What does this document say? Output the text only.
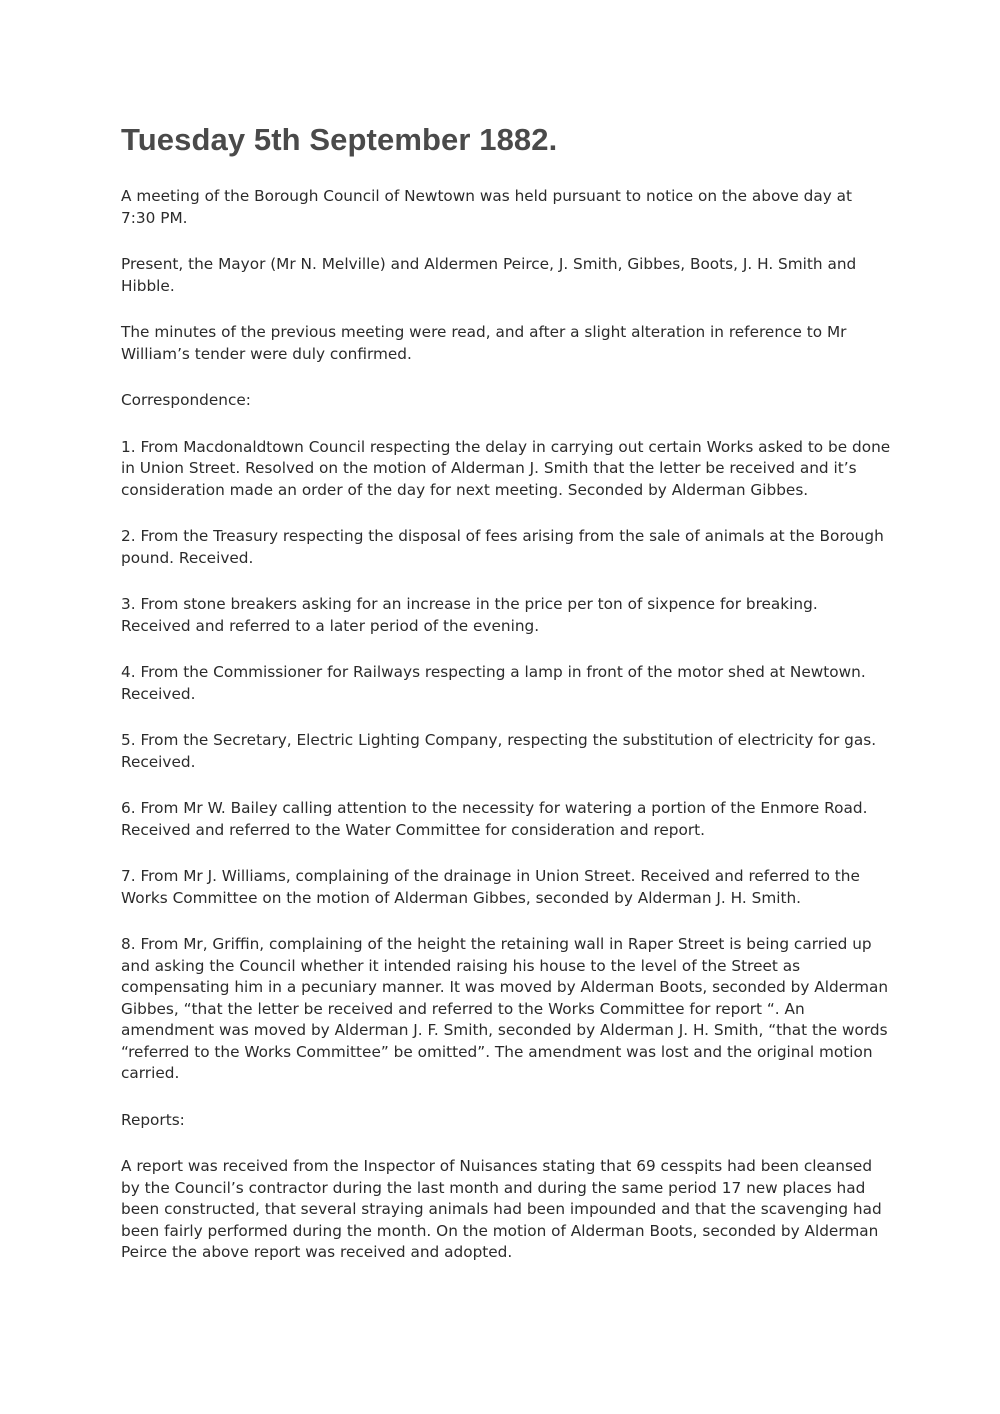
Tuesday 5th September 1882.

A meeting of the Borough Council of Newtown was held pursuant to notice on the above day at 7:30 PM.

Present, the Mayor (Mr N. Melville) and Aldermen Peirce, J. Smith, Gibbes, Boots, J. H. Smith and Hibble.

The minutes of the previous meeting were read, and after a slight alteration in reference to Mr William’s tender were duly confirmed.

Correspondence:

1. From Macdonaldtown Council respecting the delay in carrying out certain Works asked to be done in Union Street. Resolved on the motion of Alderman J. Smith that the letter be received and it’s consideration made an order of the day for next meeting. Seconded by Alderman Gibbes.

2. From the Treasury respecting the disposal of fees arising from the sale of animals at the Borough pound. Received.

3. From stone breakers asking for an increase in the price per ton of sixpence for breaking. Received and referred to a later period of the evening.

4. From the Commissioner for Railways respecting a lamp in front of the motor shed at Newtown. Received.

5. From the Secretary, Electric Lighting Company, respecting the substitution of electricity for gas. Received.

6. From Mr W. Bailey calling attention to the necessity for watering a portion of the Enmore Road. Received and referred to the Water Committee for consideration and report.

7. From Mr J. Williams, complaining of the drainage in Union Street. Received and referred to the Works Committee on the motion of Alderman Gibbes, seconded by Alderman J. H. Smith.

8. From Mr, Griffin, complaining of the height the retaining wall in Raper Street is being carried up and asking the Council whether it intended raising his house to the level of the Street as compensating him in a pecuniary manner. It was moved by Alderman Boots, seconded by Alderman Gibbes, “that the letter be received and referred to the Works Committee for report “. An amendment was moved by Alderman J. F. Smith, seconded by Alderman J. H. Smith, “that the words “referred to the Works Committee” be omitted”. The amendment was lost and the original motion carried.

Reports:

A report was received from the Inspector of Nuisances stating that 69 cesspits had been cleansed by the Council’s contractor during the last month and during the same period 17 new places had been constructed, that several straying animals had been impounded and that the scavenging had been fairly performed during the month. On the motion of Alderman Boots, seconded by Alderman Peirce the above report was received and adopted.
